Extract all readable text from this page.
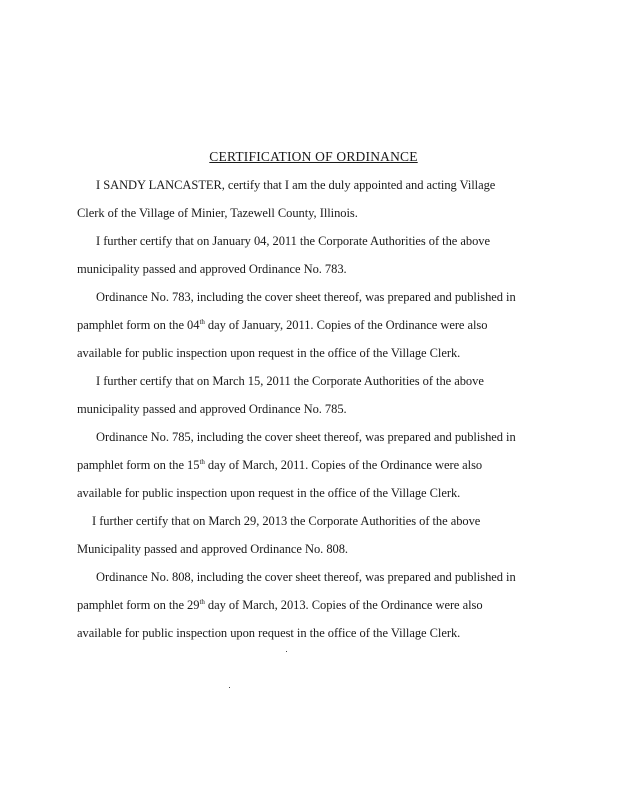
CERTIFICATION OF ORDINANCE
I SANDY LANCASTER, certify that I am the duly appointed and acting Village
Clerk of the Village of Minier, Tazewell County, Illinois.
I further certify that on January 04, 2011 the Corporate Authorities of the above
municipality passed and approved Ordinance No. 783.
Ordinance No. 783, including the cover sheet thereof, was prepared and published in
pamphlet form on the 04th day of January, 2011. Copies of the Ordinance were also
available for public inspection upon request in the office of the Village Clerk.
I further certify that on March 15, 2011 the Corporate Authorities of the above
municipality passed and approved Ordinance No. 785.
Ordinance No. 785, including the cover sheet thereof, was prepared and published in
pamphlet form on the 15th day of March, 2011. Copies of the Ordinance were also
available for public inspection upon request in the office of the Village Clerk.
I further certify that on March 29, 2013 the Corporate Authorities of the above
Municipality passed and approved Ordinance No. 808.
Ordinance No. 808, including the cover sheet thereof, was prepared and published in
pamphlet form on the 29th day of March, 2013. Copies of the Ordinance were also
available for public inspection upon request in the office of the Village Clerk.
